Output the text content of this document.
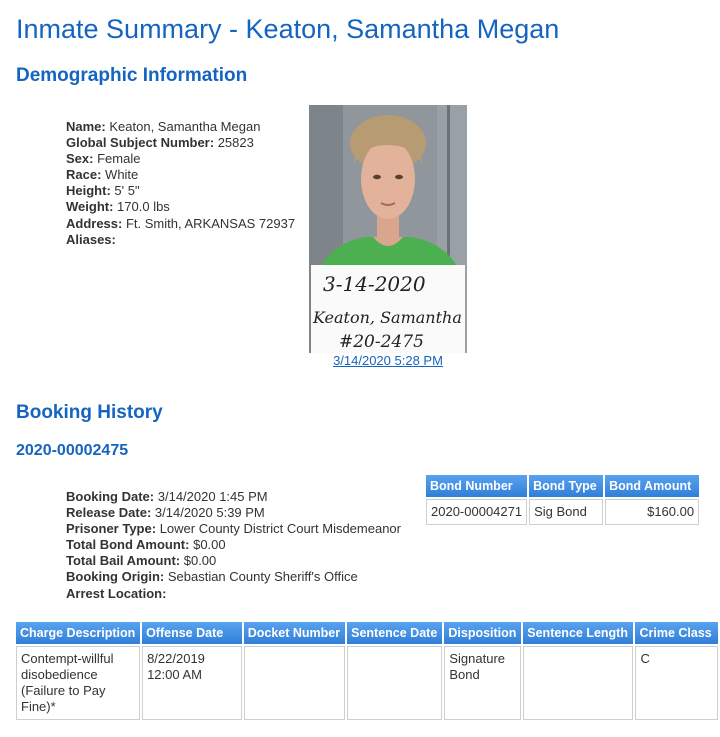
Inmate Summary - Keaton, Samantha Megan
Demographic Information
Name: Keaton, Samantha Megan
Global Subject Number: 25823
Sex: Female
Race: White
Height: 5' 5"
Weight: 170.0 lbs
Address: Ft. Smith, ARKANSAS 72937
Aliases:
3-14-2020
Keaton, Samantha
#20-2475
3/14/2020 5:28 PM
Booking History
2020-00002475
Booking Date: 3/14/2020 1:45 PM
Release Date: 3/14/2020 5:39 PM
Prisoner Type: Lower County District Court Misdemeanor
Total Bond Amount: $0.00
Total Bail Amount: $0.00
Booking Origin: Sebastian County Sheriff's Office
Arrest Location:
Bond Number	Bond Type	Bond Amount
2020-00004271	Sig Bond	$160.00
Charge Description	Offense Date	Docket Number	Sentence Date	Disposition	Sentence Length	Crime Class
Contempt-willful disobedience (Failure to Pay Fine)*	8/22/2019 12:00 AM			Signature Bond		C
